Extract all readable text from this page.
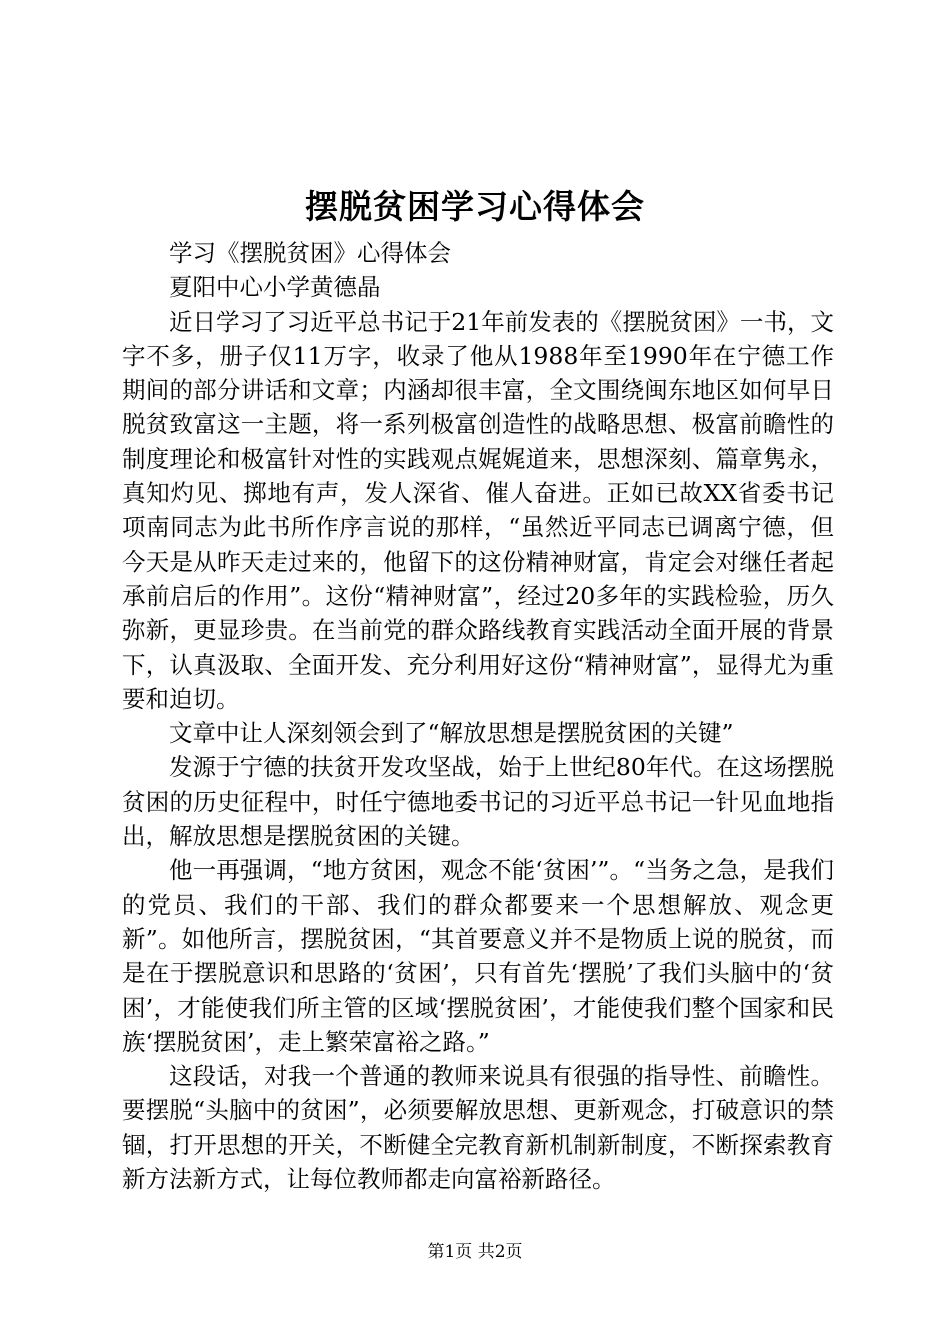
摆脱贫困学习心得体会

学习《摆脱贫困》心得体会

夏阳中心小学黄德晶

近日学习了习近平总书记于21年前发表的《摆脱贫困》一书，文字不多，册子仅11万字，收录了他从1988年至1990年在宁德工作期间的部分讲话和文章；内涵却很丰富，全文围绕闽东地区如何早日脱贫致富这一主题，将一系列极富创造性的战略思想、极富前瞻性的制度理论和极富针对性的实践观点娓娓道来，思想深刻、篇章隽永，真知灼见、掷地有声，发人深省、催人奋进。正如已故XX省委书记项南同志为此书所作序言说的那样，“虽然近平同志已调离宁德，但今天是从昨天走过来的，他留下的这份精神财富，肯定会对继任者起承前启后的作用”。这份“精神财富”，经过20多年的实践检验，历久弥新，更显珍贵。在当前党的群众路线教育实践活动全面开展的背景下，认真汲取、全面开发、充分利用好这份“精神财富”，显得尤为重要和迫切。

文章中让人深刻领会到了“解放思想是摆脱贫困的关键”

发源于宁德的扶贫开发攻坚战，始于上世纪80年代。在这场摆脱贫困的历史征程中，时任宁德地委书记的习近平总书记一针见血地指出，解放思想是摆脱贫困的关键。

他一再强调，“地方贫困，观念不能‘贫困’”。“当务之急，是我们的党员、我们的干部、我们的群众都要来一个思想解放、观念更新”。如他所言，摆脱贫困，“其首要意义并不是物质上说的脱贫，而是在于摆脱意识和思路的‘贫困’，只有首先‘摆脱’了我们头脑中的‘贫困’，才能使我们所主管的区域‘摆脱贫困’，才能使我们整个国家和民族‘摆脱贫困’，走上繁荣富裕之路。”

这段话，对我一个普通的教师来说具有很强的指导性、前瞻性。要摆脱“头脑中的贫困”，必须要解放思想、更新观念，打破意识的禁锢，打开思想的开关，不断健全完教育新机制新制度，不断探索教育新方法新方式，让每位教师都走向富裕新路径。

第1页 共2页
